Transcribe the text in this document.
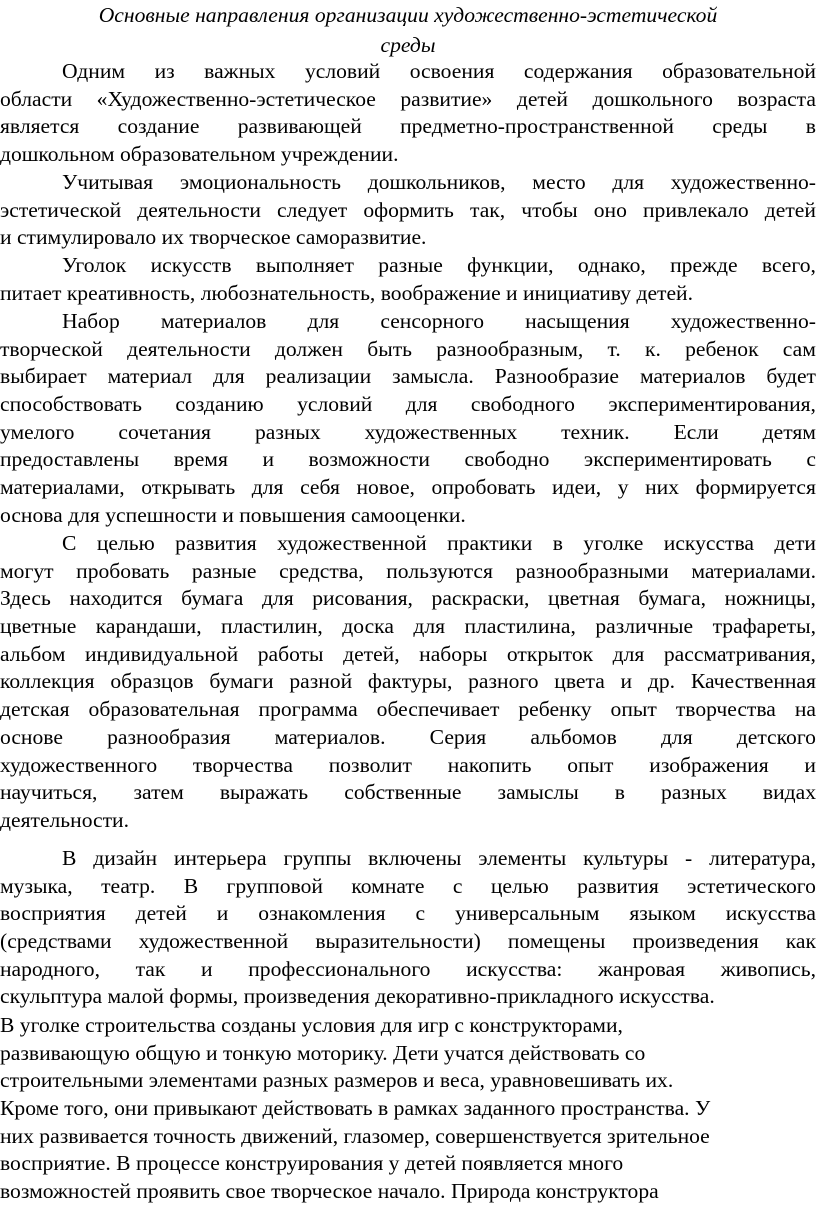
Основные направления организации художественно-эстетической
среды
Одним из важных условий освоения содержания образовательной
области «Художественно-эстетическое развитие» детей дошкольного возраста
является создание развивающей предметно-пространственной среды в
дошкольном образовательном учреждении.
Учитывая эмоциональность дошкольников, место для художественно-
эстетической деятельности следует оформить так, чтобы оно привлекало детей
и стимулировало их творческое саморазвитие.
Уголок искусств выполняет разные функции, однако, прежде всего,
питает креативность, любознательность, воображение и инициативу детей.
Набор материалов для сенсорного насыщения художественно-
творческой деятельности должен быть разнообразным, т. к. ребенок сам
выбирает материал для реализации замысла. Разнообразие материалов будет
способствовать созданию условий для свободного экспериментирования,
умелого сочетания разных художественных техник. Если детям
предоставлены время и возможности свободно экспериментировать с
материалами, открывать для себя новое, опробовать идеи, у них формируется
основа для успешности и повышения самооценки.
С целью развития художественной практики в уголке искусства дети
могут пробовать разные средства, пользуются разнообразными материалами.
Здесь находится бумага для рисования, раскраски, цветная бумага, ножницы,
цветные карандаши, пластилин, доска для пластилина, различные трафареты,
альбом индивидуальной работы детей, наборы открыток для рассматривания,
коллекция образцов бумаги разной фактуры, разного цвета и др. Качественная
детская образовательная программа обеспечивает ребенку опыт творчества на
основе разнообразия материалов. Серия альбомов для детского
художественного творчества позволит накопить опыт изображения и
научиться, затем выражать собственные замыслы в разных видах
деятельности.
В дизайн интерьера группы включены элементы культуры - литература,
музыка, театр. В групповой комнате с целью развития эстетического
восприятия детей и ознакомления с универсальным языком искусства
(средствами художественной выразительности) помещены произведения как
народного, так и профессионального искусства: жанровая живопись,
скульптура малой формы, произведения декоративно-прикладного искусства.
В уголке строительства созданы условия для игр с конструкторами,
развивающую общую и тонкую моторику. Дети учатся действовать со
строительными элементами разных размеров и веса, уравновешивать их.
Кроме того, они привыкают действовать в рамках заданного пространства. У
них развивается точность движений, глазомер, совершенствуется зрительное
восприятие. В процессе конструирования у детей появляется много
возможностей проявить свое творческое начало. Природа конструктора
